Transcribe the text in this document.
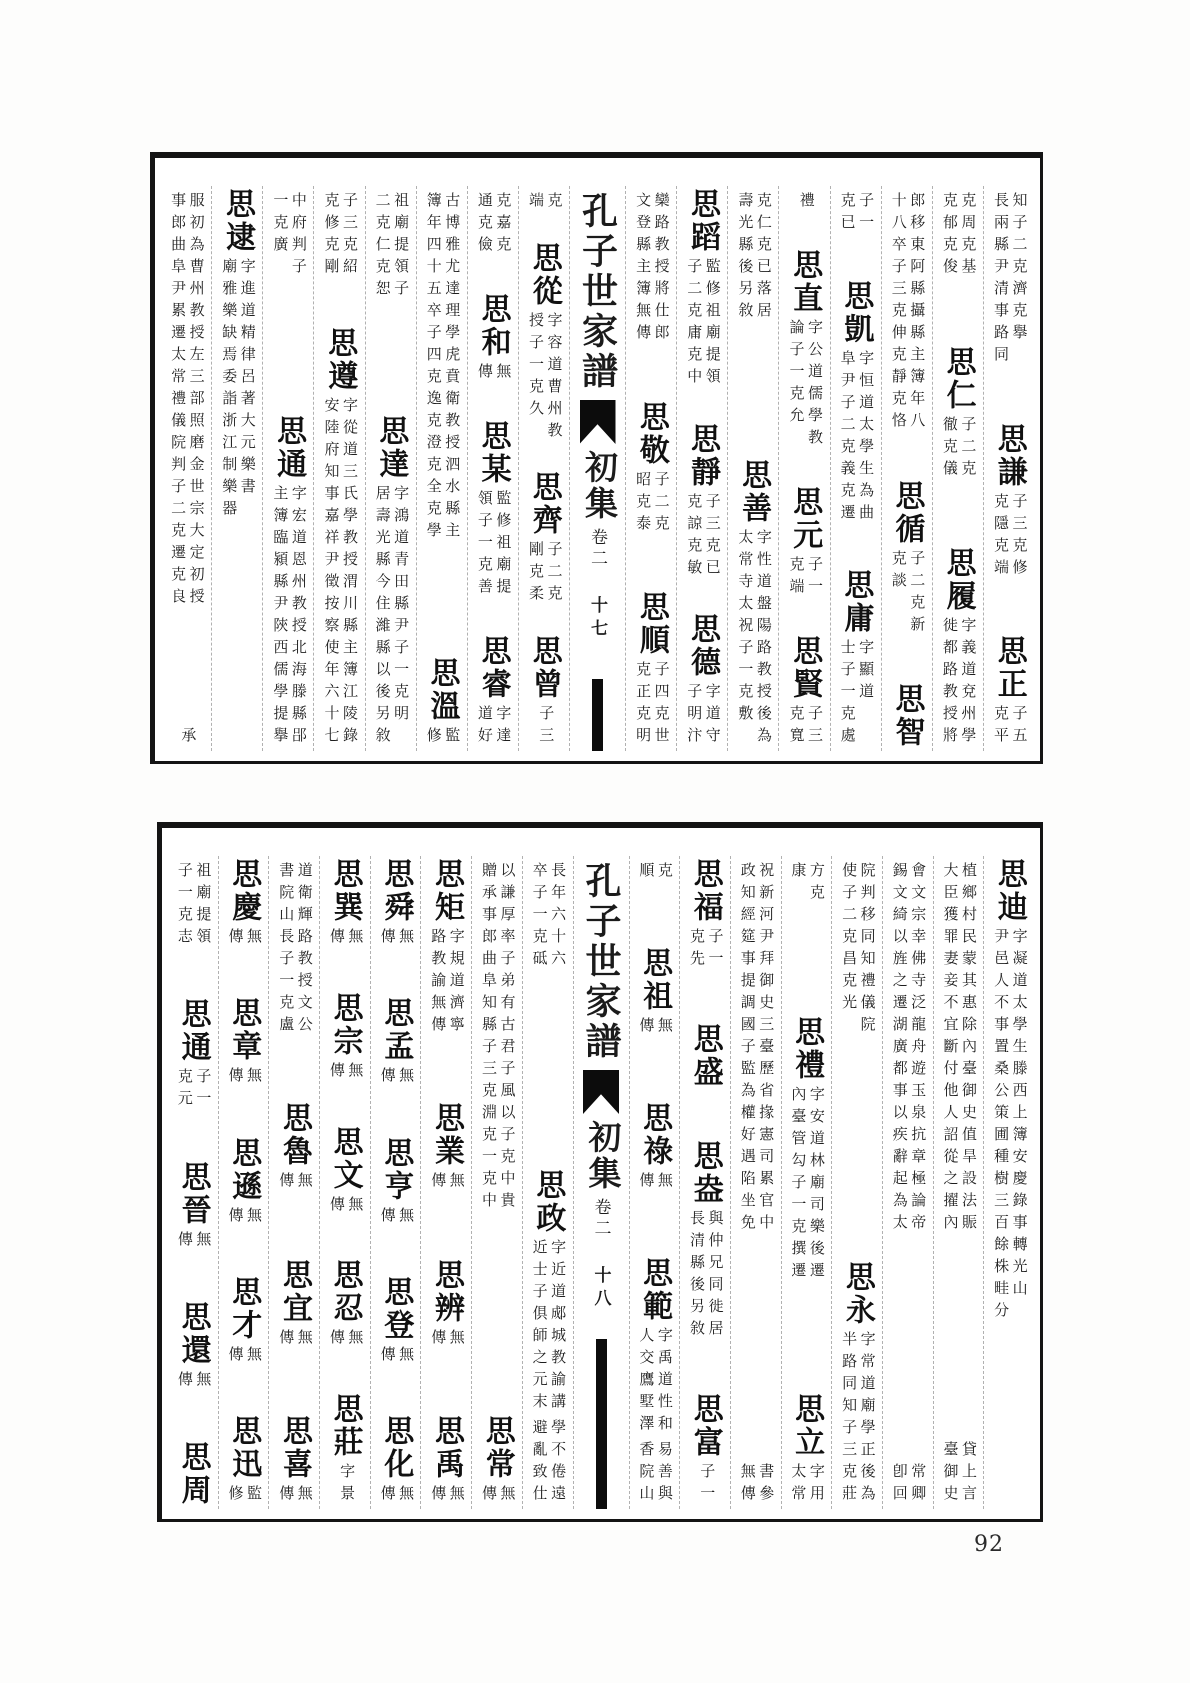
知子二克濟克擧
長兩縣尹清事路同
思謙
子三克修
克隱克端
思正
子五
克平
克周克基
克郁克俊
思仁
子二克
徹克儀
思履
字義道兗州學
徙都路教授將
郎移東阿縣攝縣主簿年八
十八卒子三克伸克靜克恪
思循
子二克新
克談
思智
子一
克已
思凱
字恒道太學生為曲
阜尹子二克義克遷
思庸
字顯道
士子一克處
禮
思直
字公道儒學教
論子一克允
思元
子一
克端
思賢
子三
克寬
克仁克已落居
壽光縣後另敘
思善
字性道盤陽路教授後為
太常寺太祝子一克敷
思蹈
監修祖廟提領
子二克庸克中
思靜
子三克已
克諒克敏
思德
字道守
子明汴
欒路教授將仕郎
文登縣主簿無傳
思敬
子二克
昭克泰
思順
子四克世
克正克明
孔子世家譜
初集
卷二
十七
克
端
思從
字容道曹州教
授子一克久
思齊
子二克
剛克柔
思曾
子三
克嘉克
通克儉
思和
無
傳
思某
監修祖廟提
領子一克善
思睿
字達
道好
古博雅尤達理學虎賁衛教授泗水縣主
簿年四十五卒子四克逸克澄克全克學
思溫
監
修
祖廟提領子
二克仁克恕
思達
字鴻道青田縣尹子一克明
居壽光縣今住濰縣以後另敘
子三克紹
克修克剛
思遵
字從道三氏學教授渭川縣主簿江陵錄
安陸府知事嘉祥尹徵按察使年六十七
中府判子
一克廣
思通
字宏道恩州教授北海滕縣郘
主簿臨潁縣尹陝西儒學提擧
思逮
字進道精律呂著大元樂書
廟雅樂缺焉委詣浙江制樂器
服初為曹州教授左三部照磨金世宗大定初授
事郎曲阜尹累遷太常禮儀院判子二克遷克良
承
思迪
字凝道太學生滕西上簿安慶錄事轉光山
尹邑人不事置桑公策圃種樹三百餘株畦分
植鄉村民蒙其惠除內臺御史值旱設法賑
大臣獲罪妻妾不宜斷付他人詔從之擢內
貸上言
臺御史
會文宗幸佛寺泛龍舟遊玉泉抗章極論帝
錫文綺以旌之遷湖廣都事以疾辭起為太
常卿
卽回
院判移同知禮儀院
使子二克昌克光
思永
字常道廟學正後為
半路同知子三克莊
方克
康
思禮
字安道林廟司樂後遷
內臺管勾子一克撰遷
思立
字用
太常
祝新河尹拜御史三臺歷省掾憲司累官中
政知經筵事提調國子監為權好遇陷坐免
書參
無傳
思福
子一
克先
思盛
思盎
與仲兄同徙居
長清縣後另敘
思富
子一
克
順
思祖
無
傳
思祿
無
傳
思範
字禹道性和
人交鷹墅澤
易善與
香院山
孔子世家譜
初集
卷二
十八
長年六十六
卒子一克砥
思政
字近道郕城教諭講
近士子俱師之元末
學不倦遠
避亂致仕
以謙厚率子弟有古君子風以子克中貴
贈承事郎曲阜知縣子三克淵克一克中
思常
無
傳
思矩
字規道濟寧
路教諭無傳
思業
無
傳
思辨
無
傳
思禹
無
傳
思舜
無
傳
思孟
無
傳
思亨
無
傳
思登
無
傳
思化
無
傳
思巽
無
傳
思宗
無
傳
思文
無
傳
思忍
無
傳
思莊
字景
道衛輝路教授文公
書院山長子一克盧
思魯
無
傳
思宜
無
傳
思喜
無
傳
思慶
無
傳
思章
無
傳
思遜
無
傳
思才
無
傳
思迅
監
修
祖廟提領
子一克志
思通
子一
克元
思晉
無
傳
思還
無
傳
思周
92
